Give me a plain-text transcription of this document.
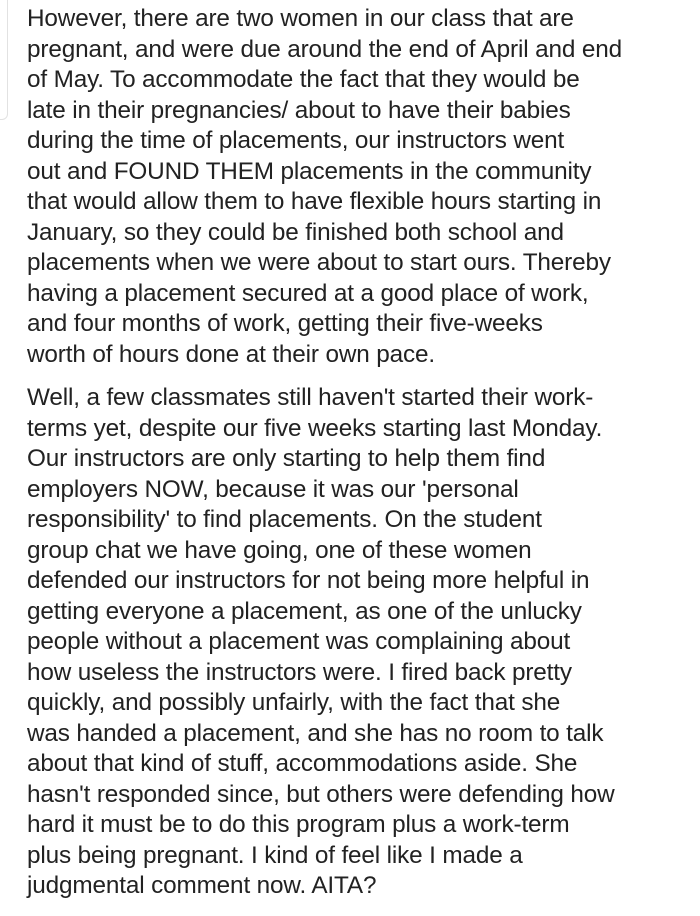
However, there are two women in our class that are
pregnant, and were due around the end of April and end
of May. To accommodate the fact that they would be
late in their pregnancies/ about to have their babies
during the time of placements, our instructors went
out and FOUND THEM placements in the community
that would allow them to have flexible hours starting in
January, so they could be finished both school and
placements when we were about to start ours. Thereby
having a placement secured at a good place of work,
and four months of work, getting their five-weeks
worth of hours done at their own pace.

Well, a few classmates still haven't started their work-
terms yet, despite our five weeks starting last Monday.
Our instructors are only starting to help them find
employers NOW, because it was our 'personal
responsibility' to find placements. On the student
group chat we have going, one of these women
defended our instructors for not being more helpful in
getting everyone a placement, as one of the unlucky
people without a placement was complaining about
how useless the instructors were. I fired back pretty
quickly, and possibly unfairly, with the fact that she
was handed a placement, and she has no room to talk
about that kind of stuff, accommodations aside. She
hasn't responded since, but others were defending how
hard it must be to do this program plus a work-term
plus being pregnant. I kind of feel like I made a
judgmental comment now. AITA?
